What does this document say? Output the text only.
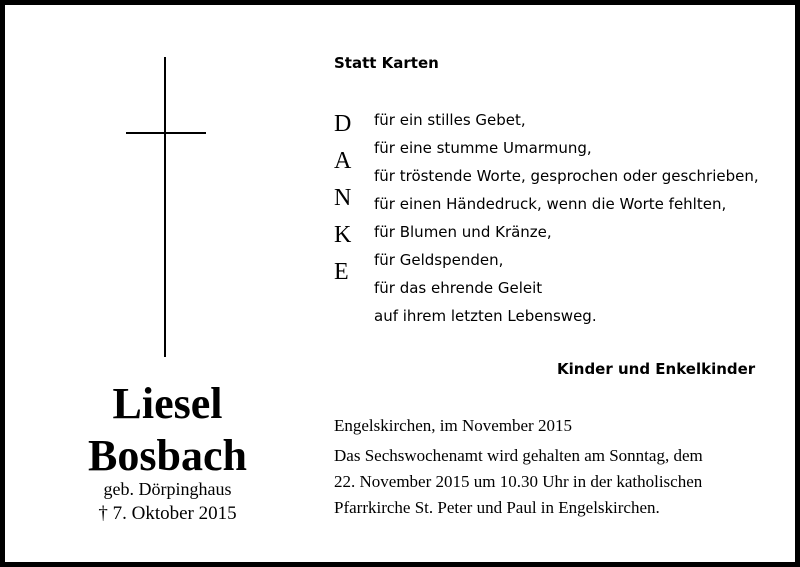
Liesel
Bosbach
geb. Dörpinghaus
† 7. Oktober 2015
Statt Karten
D
A
N
K
E
für ein stilles Gebet,
für eine stumme Umarmung,
für tröstende Worte, gesprochen oder geschrieben,
für einen Händedruck, wenn die Worte fehlten,
für Blumen und Kränze,
für Geldspenden,
für das ehrende Geleit
auf ihrem letzten Lebensweg.
Kinder und Enkelkinder
Engelskirchen, im November 2015
Das Sechswochenamt wird gehalten am Sonntag, dem
22. November 2015 um 10.30 Uhr in der katholischen
Pfarrkirche St. Peter und Paul in Engelskirchen.
